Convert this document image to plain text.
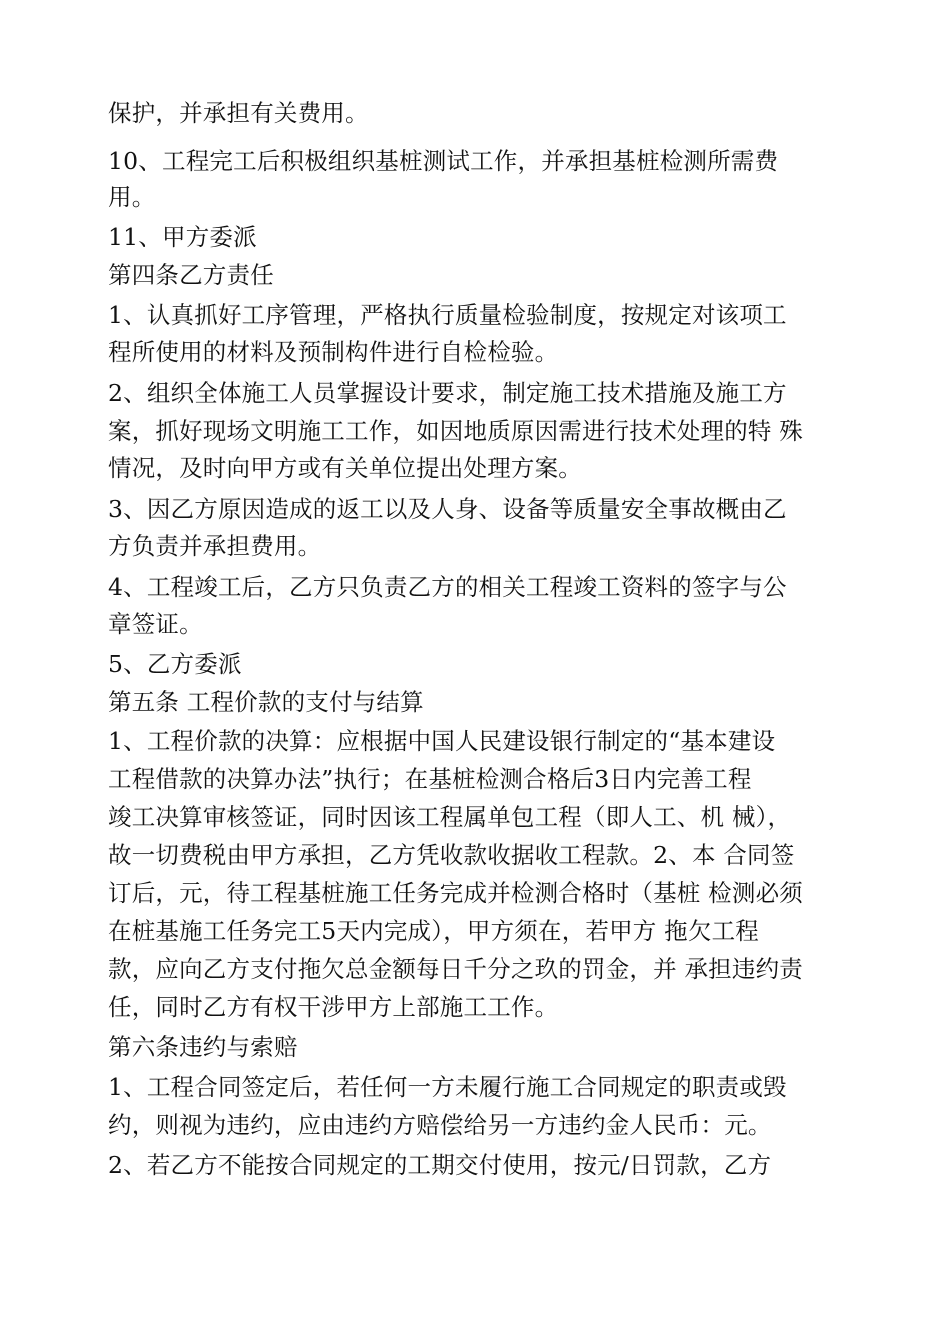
保护，并承担有关费用。
10、工程完工后积极组织基桩测试工作，并承担基桩检测所需费
用。
11、甲方委派
第四条乙方责任
1、认真抓好工序管理，严格执行质量检验制度，按规定对该项工
程所使用的材料及预制构件进行自检检验。
2、组织全体施工人员掌握设计要求，制定施工技术措施及施工方
案，抓好现场文明施工工作，如因地质原因需进行技术处理的特 殊
情况，及时向甲方或有关单位提出处理方案。
3、因乙方原因造成的返工以及人身、设备等质量安全事故概由乙
方负责并承担费用。
4、工程竣工后，乙方只负责乙方的相关工程竣工资料的签字与公
章签证。
5、乙方委派
第五条 工程价款的支付与结算
1、工程价款的决算：应根据中国人民建设银行制定的“基本建设
工程借款的决算办法”执行；在基桩检测合格后3日内完善工程
竣工决算审核签证，同时因该工程属单包工程（即人工、机 械），
故一切费税由甲方承担，乙方凭收款收据收工程款。2、本 合同签
订后，元，待工程基桩施工任务完成并检测合格时（基桩 检测必须
在桩基施工任务完工5天内完成），甲方须在，若甲方 拖欠工程
款，应向乙方支付拖欠总金额每日千分之玖的罚金，并 承担违约责
任，同时乙方有权干涉甲方上部施工工作。
第六条违约与索赔
1、工程合同签定后，若任何一方未履行施工合同规定的职责或毁
约，则视为违约，应由违约方赔偿给另一方违约金人民币：元。
2、若乙方不能按合同规定的工期交付使用，按元/日罚款，乙方
